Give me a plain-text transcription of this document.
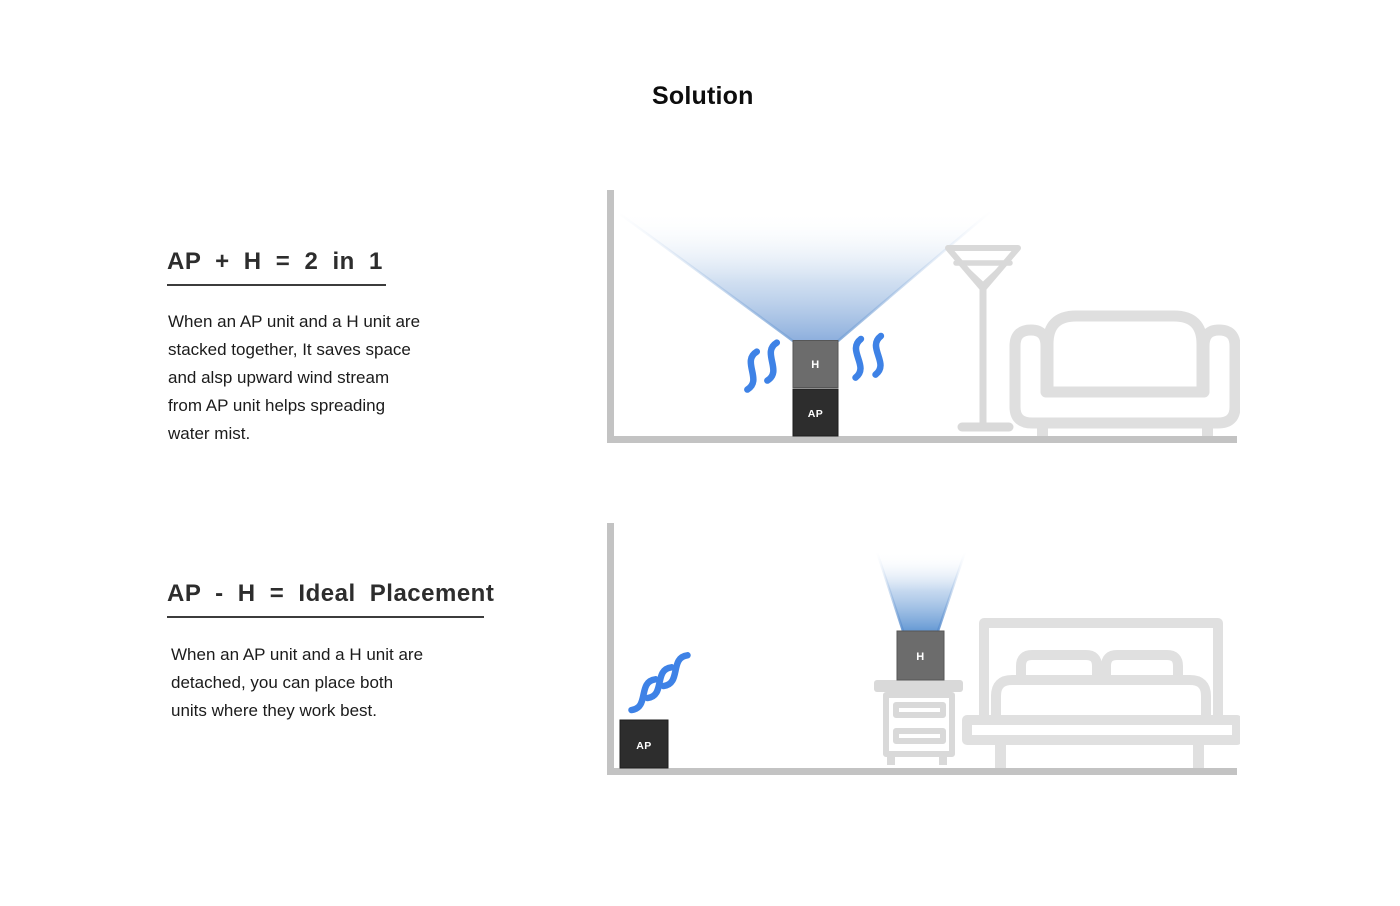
Solution
AP + H = 2 in 1
When an AP unit and a H unit are
stacked together, It saves space
and alsp upward wind stream
from AP unit helps spreading
water mist.
AP - H = Ideal Placement
When an AP unit and a H unit are
detached, you can place both
units where they work best.
H
AP
H
AP
